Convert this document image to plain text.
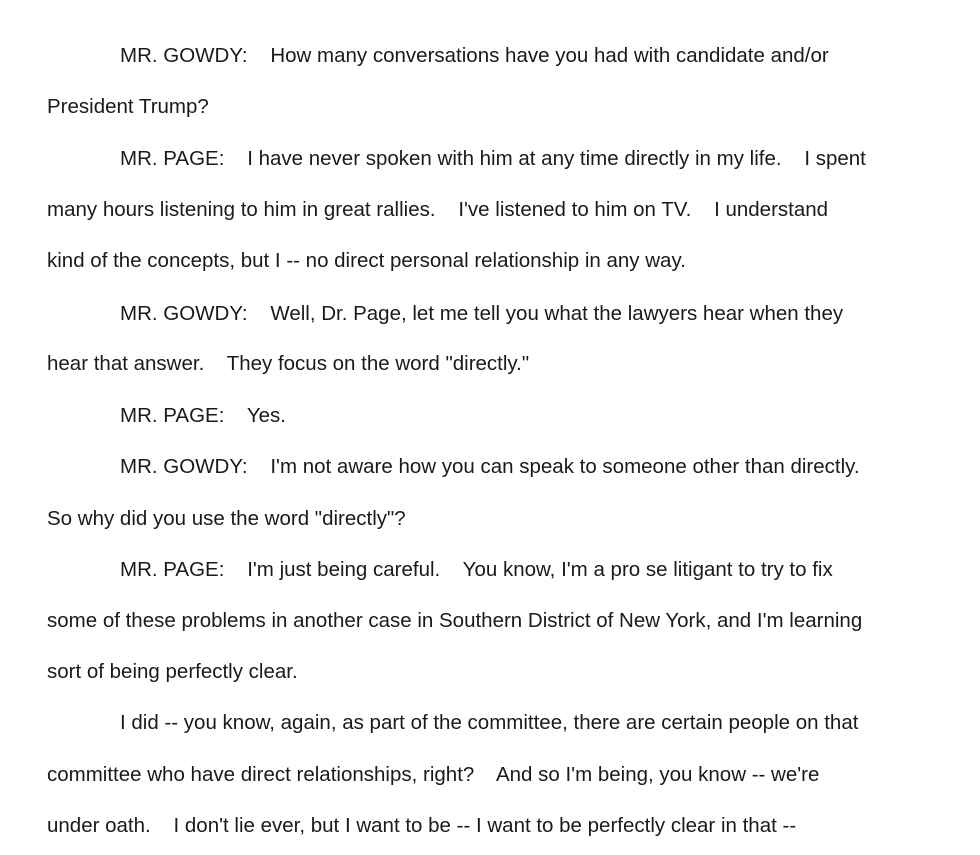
MR. GOWDY:    How many conversations have you had with candidate and/or

President Trump?

MR. PAGE:    I have never spoken with him at any time directly in my life.    I spent

many hours listening to him in great rallies.    I've listened to him on TV.    I understand

kind of the concepts, but I -- no direct personal relationship in any way.

MR. GOWDY:    Well, Dr. Page, let me tell you what the lawyers hear when they

hear that answer.    They focus on the word "directly."

MR. PAGE:    Yes.

MR. GOWDY:    I'm not aware how you can speak to someone other than directly.

So why did you use the word "directly"?

MR. PAGE:    I'm just being careful.    You know, I'm a pro se litigant to try to fix

some of these problems in another case in Southern District of New York, and I'm learning

sort of being perfectly clear.

I did -- you know, again, as part of the committee, there are certain people on that

committee who have direct relationships, right?    And so I'm being, you know -- we're

under oath.    I don't lie ever, but I want to be -- I want to be perfectly clear in that --
